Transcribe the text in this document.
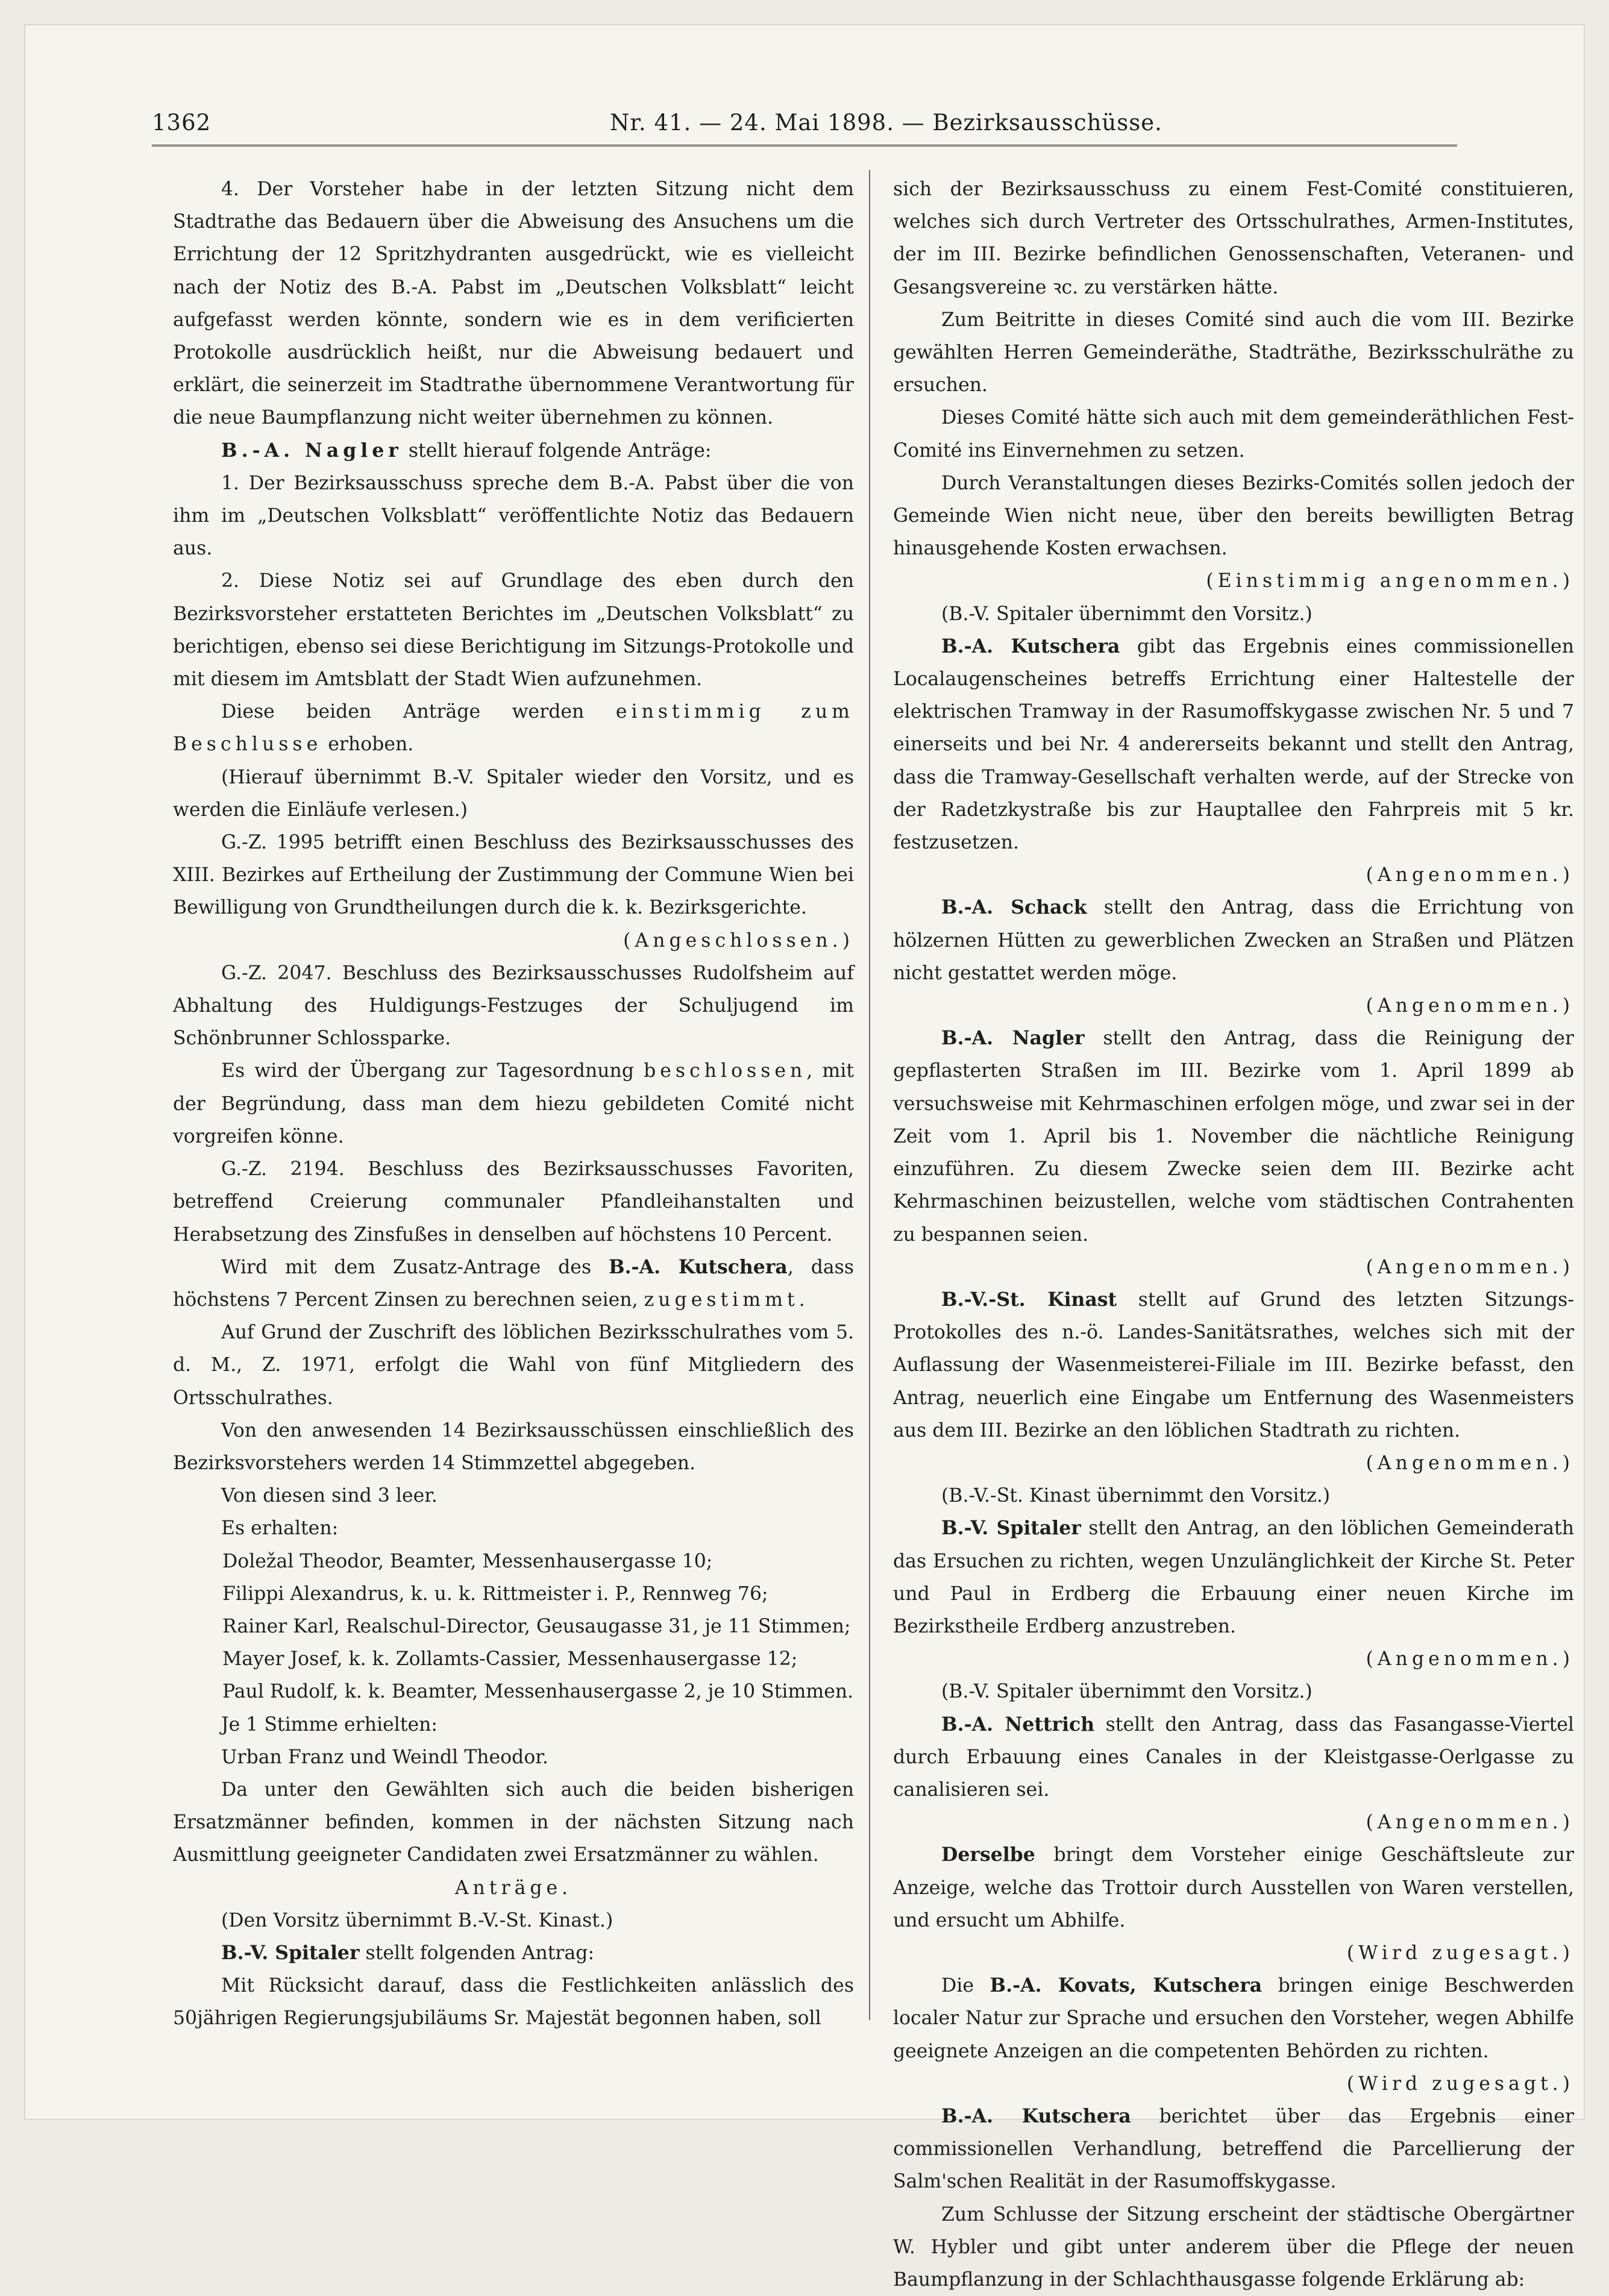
1362	Nr. 41. — 24. Mai 1898. — Bezirksausschüsse.

4. Der Vorsteher habe in der letzten Sitzung nicht dem Stadtrathe das Bedauern über die Abweisung des Ansuchens um die Errichtung der 12 Spritzhydranten ausgedrückt, wie es vielleicht nach der Notiz des B.-A. Pabst im „Deutschen Volksblatt“ leicht aufgefasst werden könnte, sondern wie es in dem verificierten Protokolle ausdrücklich heißt, nur die Abweisung bedauert und erklärt, die seinerzeit im Stadtrathe übernommene Verantwortung für die neue Baumpflanzung nicht weiter übernehmen zu können.

B.-A. Nagler stellt hierauf folgende Anträge:

1. Der Bezirksausschuss spreche dem B.-A. Pabst über die von ihm im „Deutschen Volksblatt“ veröffentlichte Notiz das Bedauern aus.

2. Diese Notiz sei auf Grundlage des eben durch den Bezirksvorsteher erstatteten Berichtes im „Deutschen Volksblatt“ zu berichtigen, ebenso sei diese Berichtigung im Sitzungs-Protokolle und mit diesem im Amtsblatt der Stadt Wien aufzunehmen.

Diese beiden Anträge werden einstimmig zum Beschlusse erhoben.

(Hierauf übernimmt B.-V. Spitaler wieder den Vorsitz, und es werden die Einläufe verlesen.)

G.-Z. 1995 betrifft einen Beschluss des Bezirksausschusses des XIII. Bezirkes auf Ertheilung der Zustimmung der Commune Wien bei Bewilligung von Grundtheilungen durch die k. k. Bezirksgerichte.

(Angeschlossen.)

G.-Z. 2047. Beschluss des Bezirksausschusses Rudolfsheim auf Abhaltung des Huldigungs-Festzuges der Schuljugend im Schönbrunner Schlossparke.

Es wird der Übergang zur Tagesordnung beschlossen, mit der Begründung, dass man dem hiezu gebildeten Comité nicht vorgreifen könne.

G.-Z. 2194. Beschluss des Bezirksausschusses Favoriten, betreffend Creierung communaler Pfandleihanstalten und Herabsetzung des Zinsfußes in denselben auf höchstens 10 Percent.

Wird mit dem Zusatz-Antrage des B.-A. Kutschera, dass höchstens 7 Percent Zinsen zu berechnen seien, zugestimmt.

Auf Grund der Zuschrift des löblichen Bezirksschulrathes vom 5. d. M., Z. 1971, erfolgt die Wahl von fünf Mitgliedern des Ortsschulrathes.

Von den anwesenden 14 Bezirksausschüssen einschließlich des Bezirksvorstehers werden 14 Stimmzettel abgegeben.

Von diesen sind 3 leer.

Es erhalten:

Doležal Theodor, Beamter, Messenhausergasse 10;

Filippi Alexandrus, k. u. k. Rittmeister i. P., Rennweg 76;

Rainer Karl, Realschul-Director, Geusaugasse 31, je 11 Stimmen;

Mayer Josef, k. k. Zollamts-Cassier, Messenhausergasse 12;

Paul Rudolf, k. k. Beamter, Messenhausergasse 2, je 10 Stimmen.

Je 1 Stimme erhielten:

Urban Franz und Weindl Theodor.

Da unter den Gewählten sich auch die beiden bisherigen Ersatzmänner befinden, kommen in der nächsten Sitzung nach Ausmittlung geeigneter Candidaten zwei Ersatzmänner zu wählen.

Anträge.

(Den Vorsitz übernimmt B.-V.-St. Kinast.)

B.-V. Spitaler stellt folgenden Antrag:

Mit Rücksicht darauf, dass die Festlichkeiten anlässlich des 50jährigen Regierungsjubiläums Sr. Majestät begonnen haben, soll

sich der Bezirksausschuss zu einem Fest-Comité constituieren, welches sich durch Vertreter des Ortsschulrathes, Armen-Institutes, der im III. Bezirke befindlichen Genossenschaften, Veteranen- und Gesangsvereine ꝛc. zu verstärken hätte.

Zum Beitritte in dieses Comité sind auch die vom III. Bezirke gewählten Herren Gemeinderäthe, Stadträthe, Bezirksschulräthe zu ersuchen.

Dieses Comité hätte sich auch mit dem gemeinderäthlichen Fest-Comité ins Einvernehmen zu setzen.

Durch Veranstaltungen dieses Bezirks-Comités sollen jedoch der Gemeinde Wien nicht neue, über den bereits bewilligten Betrag hinausgehende Kosten erwachsen.

(Einstimmig angenommen.)

(B.-V. Spitaler übernimmt den Vorsitz.)

B.-A. Kutschera gibt das Ergebnis eines commissionellen Localaugenscheines betreffs Errichtung einer Haltestelle der elektrischen Tramway in der Rasumoffskygasse zwischen Nr. 5 und 7 einerseits und bei Nr. 4 andererseits bekannt und stellt den Antrag, dass die Tramway-Gesellschaft verhalten werde, auf der Strecke von der Radetzkystraße bis zur Hauptallee den Fahrpreis mit 5 kr. festzusetzen.

(Angenommen.)

B.-A. Schack stellt den Antrag, dass die Errichtung von hölzernen Hütten zu gewerblichen Zwecken an Straßen und Plätzen nicht gestattet werden möge.

(Angenommen.)

B.-A. Nagler stellt den Antrag, dass die Reinigung der gepflasterten Straßen im III. Bezirke vom 1. April 1899 ab versuchsweise mit Kehrmaschinen erfolgen möge, und zwar sei in der Zeit vom 1. April bis 1. November die nächtliche Reinigung einzuführen. Zu diesem Zwecke seien dem III. Bezirke acht Kehrmaschinen beizustellen, welche vom städtischen Contrahenten zu bespannen seien.

(Angenommen.)

B.-V.-St. Kinast stellt auf Grund des letzten Sitzungs-Protokolles des n.-ö. Landes-Sanitätsrathes, welches sich mit der Auflassung der Wasenmeisterei-Filiale im III. Bezirke befasst, den Antrag, neuerlich eine Eingabe um Entfernung des Wasenmeisters aus dem III. Bezirke an den löblichen Stadtrath zu richten.

(Angenommen.)

(B.-V.-St. Kinast übernimmt den Vorsitz.)

B.-V. Spitaler stellt den Antrag, an den löblichen Gemeinderath das Ersuchen zu richten, wegen Unzulänglichkeit der Kirche St. Peter und Paul in Erdberg die Erbauung einer neuen Kirche im Bezirkstheile Erdberg anzustreben.

(Angenommen.)

(B.-V. Spitaler übernimmt den Vorsitz.)

B.-A. Nettrich stellt den Antrag, dass das Fasangasse-Viertel durch Erbauung eines Canales in der Kleistgasse-Oerlgasse zu canalisieren sei.

(Angenommen.)

Derselbe bringt dem Vorsteher einige Geschäftsleute zur Anzeige, welche das Trottoir durch Ausstellen von Waren verstellen, und ersucht um Abhilfe.

(Wird zugesagt.)

Die B.-A. Kovats, Kutschera bringen einige Beschwerden localer Natur zur Sprache und ersuchen den Vorsteher, wegen Abhilfe geeignete Anzeigen an die competenten Behörden zu richten.

(Wird zugesagt.)

B.-A. Kutschera berichtet über das Ergebnis einer commissionellen Verhandlung, betreffend die Parcellierung der Salm'schen Realität in der Rasumoffskygasse.

Zum Schlusse der Sitzung erscheint der städtische Obergärtner W. Hybler und gibt unter anderem über die Pflege der neuen Baumpflanzung in der Schlachthausgasse folgende Erklärung ab:
